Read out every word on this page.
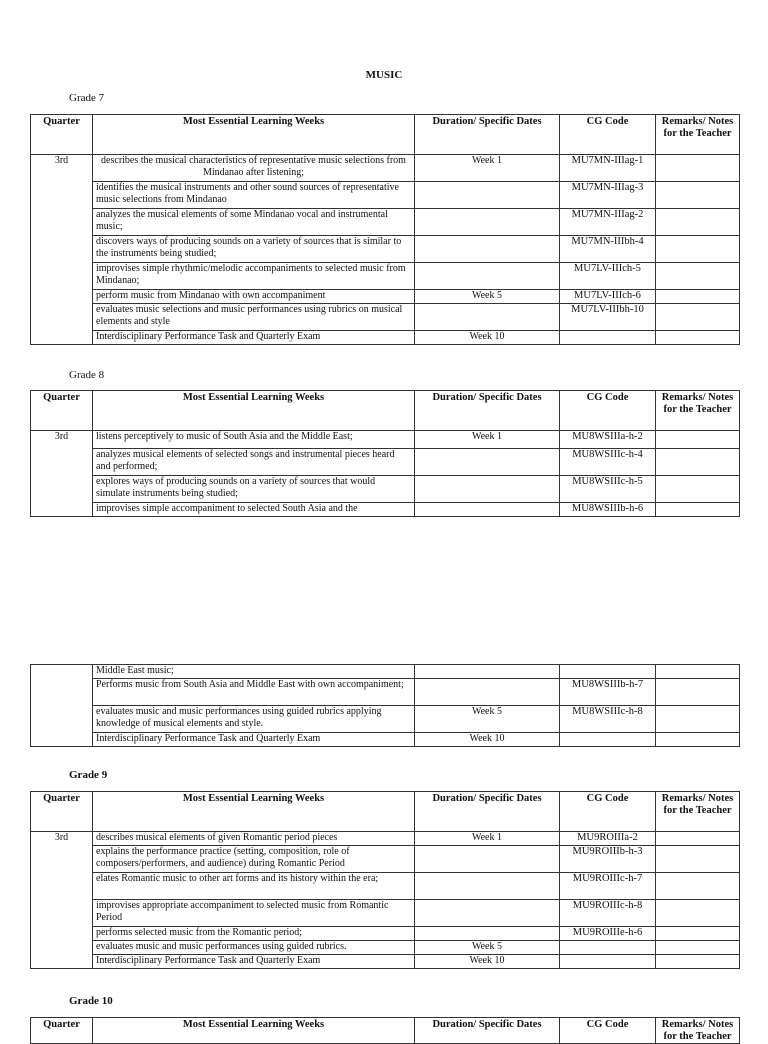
MUSIC
Grade 7
Quarter	Most Essential Learning Weeks	Duration/ Specific Dates	CG Code	Remarks/ Notes for the Teacher
3rd	describes the musical characteristics of representative music selections from Mindanao after listening;	Week 1	MU7MN-IIIag-1	
	identifies the musical instruments and other sound sources of representative music selections from Mindanao		MU7MN-IIIag-3	
	analyzes the musical elements of some Mindanao vocal and instrumental music;		MU7MN-IIIag-2	
	discovers ways of producing sounds on a variety of sources that is similar to the instruments being studied;		MU7MN-IIIbh-4	
	improvises simple rhythmic/melodic accompaniments to selected music from Mindanao;		MU7LV-IIIch-5	
	perform music from Mindanao with own accompaniment	Week 5	MU7LV-IIIch-6	
	evaluates music selections and music performances using rubrics on musical elements and style		MU7LV-IIIbh-10	
	Interdisciplinary Performance Task and Quarterly Exam	Week 10		
Grade 8
Quarter	Most Essential Learning Weeks	Duration/ Specific Dates	CG Code	Remarks/ Notes for the Teacher
3rd	listens perceptively to music of South Asia and the Middle East;	Week 1	MU8WSIIIa-h-2	
	analyzes musical elements of selected songs and instrumental pieces heard and performed;		MU8WSIIIc-h-4	
	explores ways of producing sounds on a variety of sources that would simulate instruments being studied;		MU8WSIIIc-h-5	
	improvises simple accompaniment to selected South Asia and the		MU8WSIIIb-h-6	
	Middle East music;			
	Performs music from South Asia and Middle East with own accompaniment;		MU8WSIIIb-h-7	
	evaluates music and music performances using guided rubrics applying knowledge of musical elements and style.	Week 5	MU8WSIIIc-h-8	
	Interdisciplinary Performance Task and Quarterly Exam	Week 10		
Grade 9
Quarter	Most Essential Learning Weeks	Duration/ Specific Dates	CG Code	Remarks/ Notes for the Teacher
3rd	describes musical elements of given Romantic period pieces	Week 1	MU9ROIIIa-2	
	explains the performance practice (setting, composition, role of composers/performers, and audience) during Romantic Period		MU9ROIIIb-h-3	
	elates Romantic music to other art forms and its history within the era;		MU9ROIIIc-h-7	
	improvises appropriate accompaniment to selected music from Romantic Period		MU9ROIIIc-h-8	
	performs selected music from the Romantic period;		MU9ROIIIe-h-6	
	evaluates music and music performances using guided rubrics.	Week 5		
	Interdisciplinary Performance Task and Quarterly Exam	Week 10		
Grade 10
Quarter	Most Essential Learning Weeks	Duration/ Specific Dates	CG Code	Remarks/ Notes for the Teacher
